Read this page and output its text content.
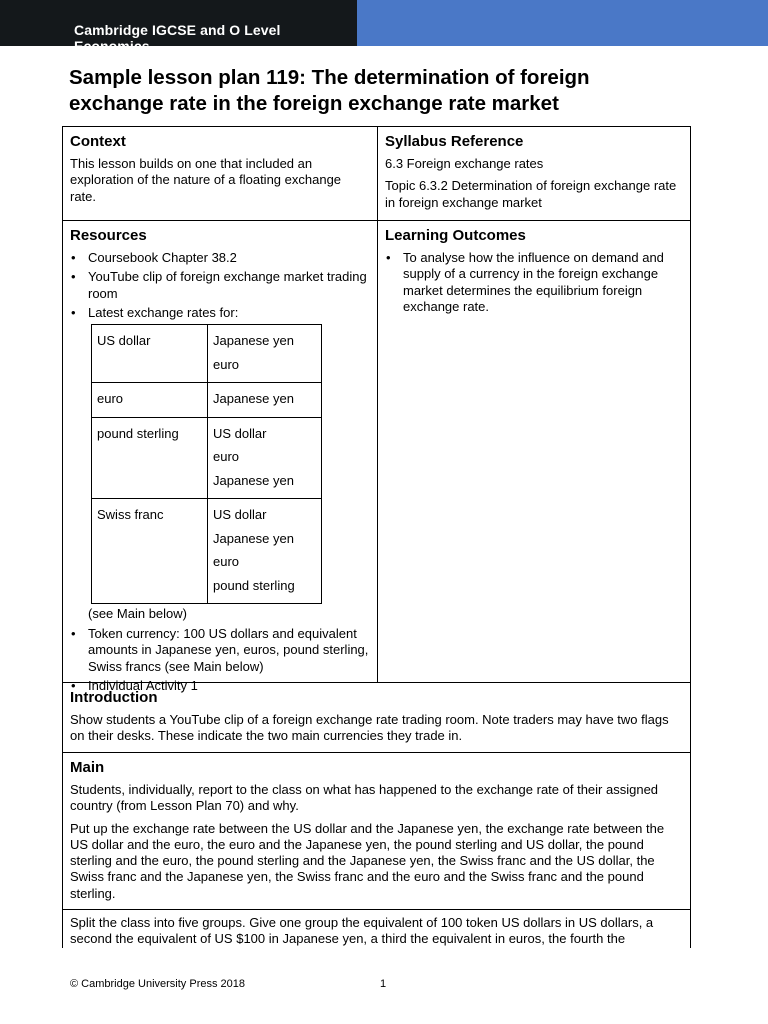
Cambridge IGCSE and O Level Economics
Sample lesson plan 119: The determination of foreign exchange rate in the foreign exchange rate market
Context

This lesson builds on one that included an exploration of the nature of a floating exchange rate.

Syllabus Reference

6.3 Foreign exchange rates

Topic 6.3.2 Determination of foreign exchange rate in foreign exchange market

Resources
• Coursebook Chapter 38.2
• YouTube clip of foreign exchange market trading room
• Latest exchange rates for:
US dollar	Japanese yen
euro

euro	Japanese yen

pound sterling	US dollar
euro
Japanese yen

Swiss franc	US dollar
Japanese yen
euro
pound sterling

(see Main below)

• Token currency: 100 US dollars and equivalent amounts in Japanese yen, euros, pound sterling, Swiss francs (see Main below)
• Individual Activity 1
Learning Outcomes
• To analyse how the influence on demand and supply of a currency in the foreign exchange market determines the equilibrium foreign exchange rate.
Introduction

Show students a YouTube clip of a foreign exchange rate trading room. Note traders may have two flags on their desks. These indicate the two main currencies they trade in.

Main

Students, individually, report to the class on what has happened to the exchange rate of their assigned country (from Lesson Plan 70) and why.

Put up the exchange rate between the US dollar and the Japanese yen, the exchange rate between the US dollar and the euro, the euro and the Japanese yen, the pound sterling and US dollar, the pound sterling and the euro, the pound sterling and the Japanese yen, the Swiss franc and the US dollar, the Swiss franc and the Japanese yen, the Swiss franc and the euro and the Swiss franc and the pound sterling.

Split the class into five groups. Give one group the equivalent of 100 token US dollars in US dollars, a second the equivalent of US $100 in Japanese yen, a third the equivalent in euros, the fourth the

© Cambridge University Press 2018	1
